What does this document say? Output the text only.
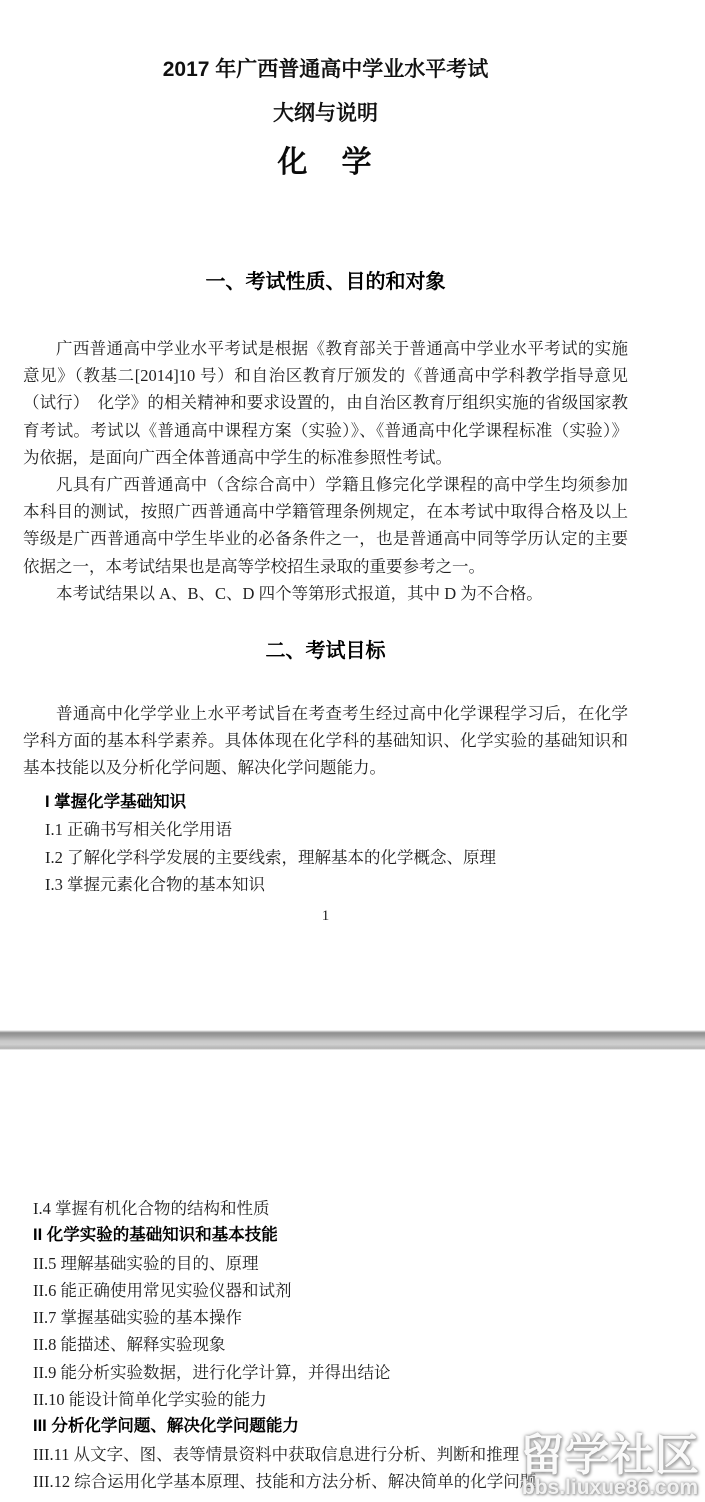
2017 年广西普通高中学业水平考试
大纲与说明
化　学
一、考试性质、目的和对象

广西普通高中学业水平考试是根据《教育部关于普通高中学业水平考试的实施意见》（教基二[2014]10 号）和自治区教育厅颁发的《普通高中学科教学指导意见（试行）　化学》的相关精神和要求设置的，由自治区教育厅组织实施的省级国家教育考试。考试以《普通高中课程方案（实验）》、《普通高中化学课程标准（实验）》为依据，是面向广西全体普通高中学生的标准参照性考试。

凡具有广西普通高中（含综合高中）学籍且修完化学课程的高中学生均须参加本科目的测试，按照广西普通高中学籍管理条例规定，在本考试中取得合格及以上等级是广西普通高中学生毕业的必备条件之一，也是普通高中同等学历认定的主要依据之一，本考试结果也是高等学校招生录取的重要参考之一。

本考试结果以 A、B、C、D 四个等第形式报道，其中 D 为不合格。

二、考试目标

普通高中化学学业上水平考试旨在考查考生经过高中化学课程学习后，在化学学科方面的基本科学素养。具体体现在化学科的基础知识、化学实验的基础知识和基本技能以及分析化学问题、解决化学问题能力。

I 掌握化学基础知识
I.1 正确书写相关化学用语
I.2 了解化学科学发展的主要线索，理解基本的化学概念、原理
I.3 掌握元素化合物的基本知识
1
I.4 掌握有机化合物的结构和性质
II 化学实验的基础知识和基本技能
II.5 理解基础实验的目的、原理
II.6 能正确使用常见实验仪器和试剂
II.7 掌握基础实验的基本操作
II.8 能描述、解释实验现象
II.9 能分析实验数据，进行化学计算，并得出结论
II.10 能设计简单化学实验的能力
III 分析化学问题、解决化学问题能力
III.11 从文字、图、表等情景资料中获取信息进行分析、判断和推理
III.12 综合运用化学基本原理、技能和方法分析、解决简单的化学问题
留学社区
bbs.liuxue86.com
